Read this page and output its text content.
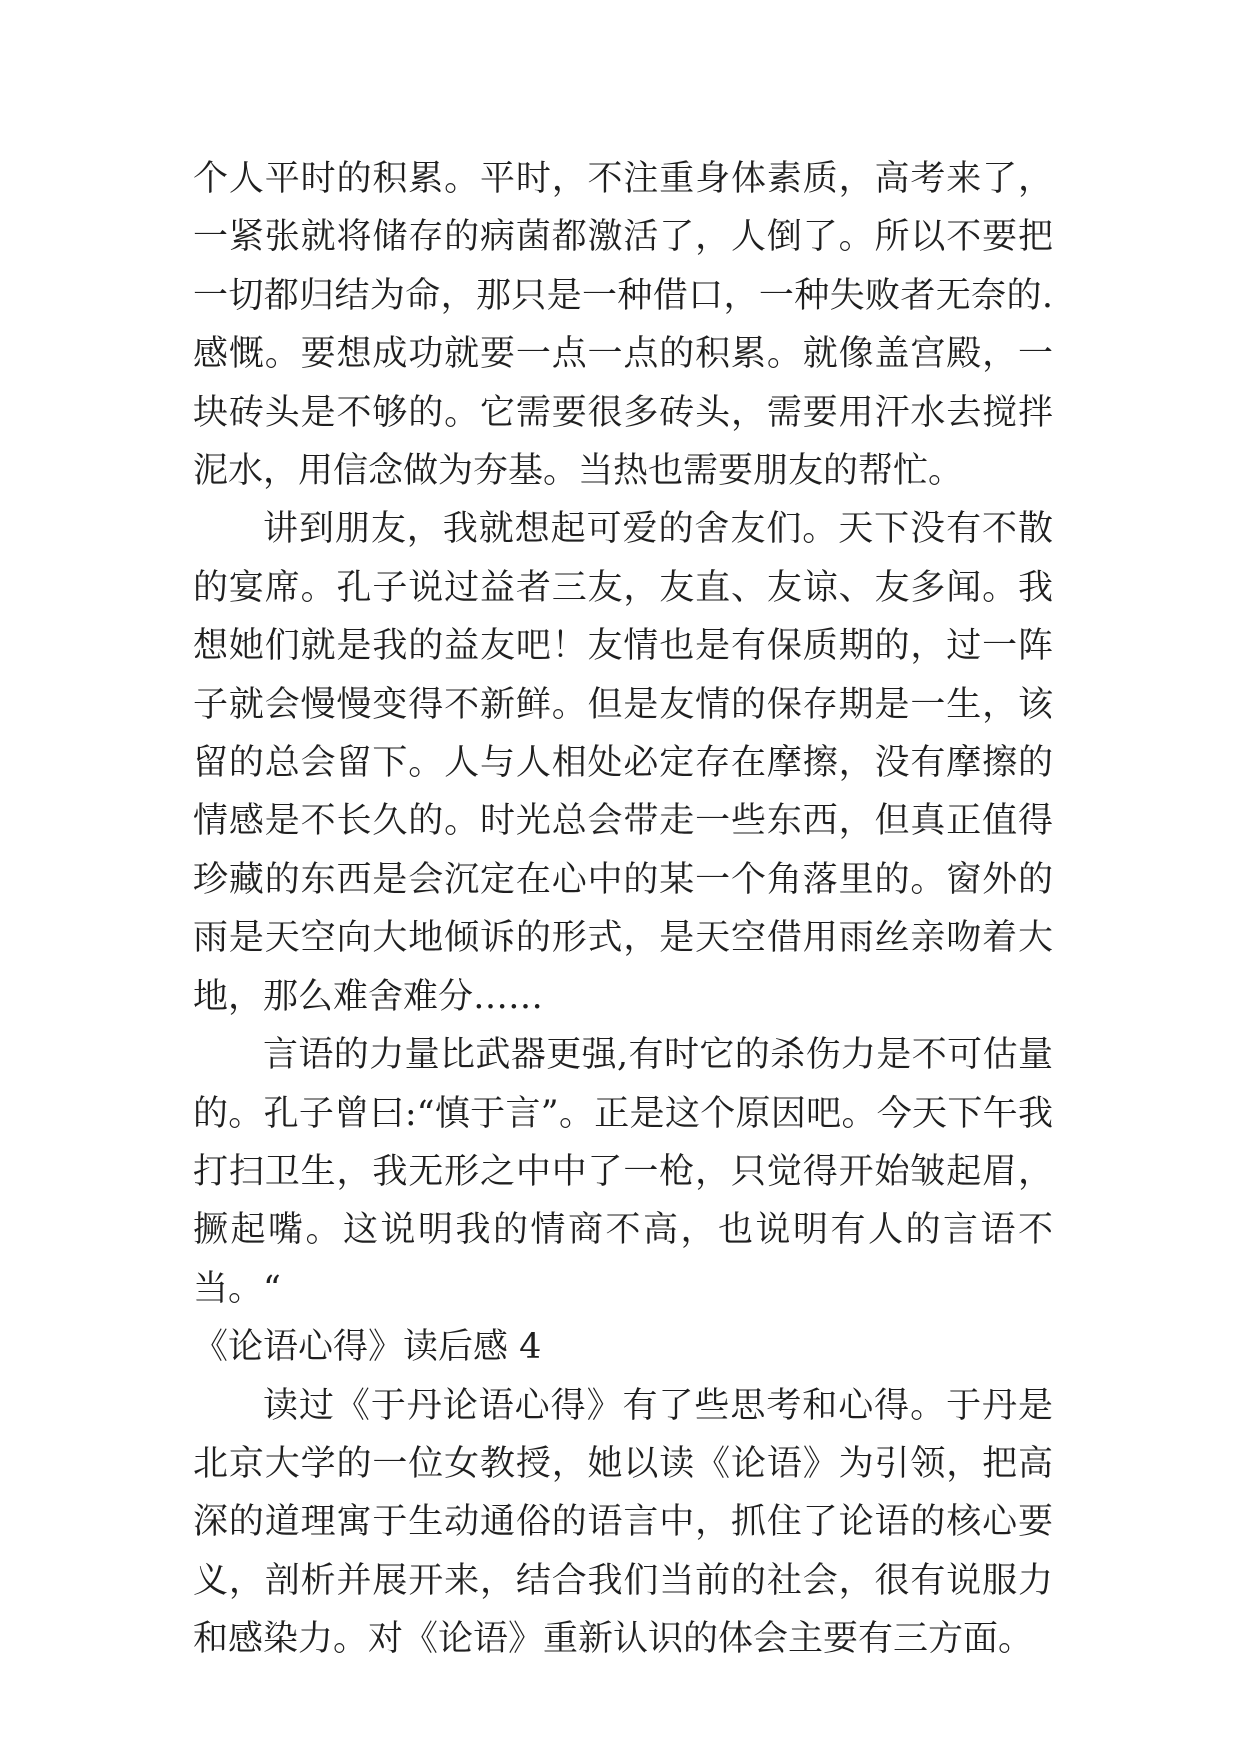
个人平时的积累。平时，不注重身体素质，高考来了，一紧张就将储存的病菌都激活了，人倒了。所以不要把一切都归结为命，那只是一种借口，一种失败者无奈的.感慨。要想成功就要一点一点的积累。就像盖宫殿，一块砖头是不够的。它需要很多砖头，需要用汗水去搅拌泥水，用信念做为夯基。当热也需要朋友的帮忙。

讲到朋友，我就想起可爱的舍友们。天下没有不散的宴席。孔子说过益者三友，友直、友谅、友多闻。我想她们就是我的益友吧！友情也是有保质期的，过一阵子就会慢慢变得不新鲜。但是友情的保存期是一生，该留的总会留下。人与人相处必定存在摩擦，没有摩擦的情感是不长久的。时光总会带走一些东西，但真正值得珍藏的东西是会沉定在心中的某一个角落里的。窗外的雨是天空向大地倾诉的形式，是天空借用雨丝亲吻着大地，那么难舍难分……

言语的力量比武器更强,有时它的杀伤力是不可估量的。孔子曾曰:“慎于言”。正是这个原因吧。今天下午我打扫卫生，我无形之中中了一枪，只觉得开始皱起眉，撅起嘴。这说明我的情商不高，也说明有人的言语不当。“

《论语心得》读后感 4

读过《于丹论语心得》有了些思考和心得。于丹是北京大学的一位女教授，她以读《论语》为引领，把高深的道理寓于生动通俗的语言中，抓住了论语的核心要义，剖析并展开来，结合我们当前的社会，很有说服力和感染力。对《论语》重新认识的体会主要有三方面。
